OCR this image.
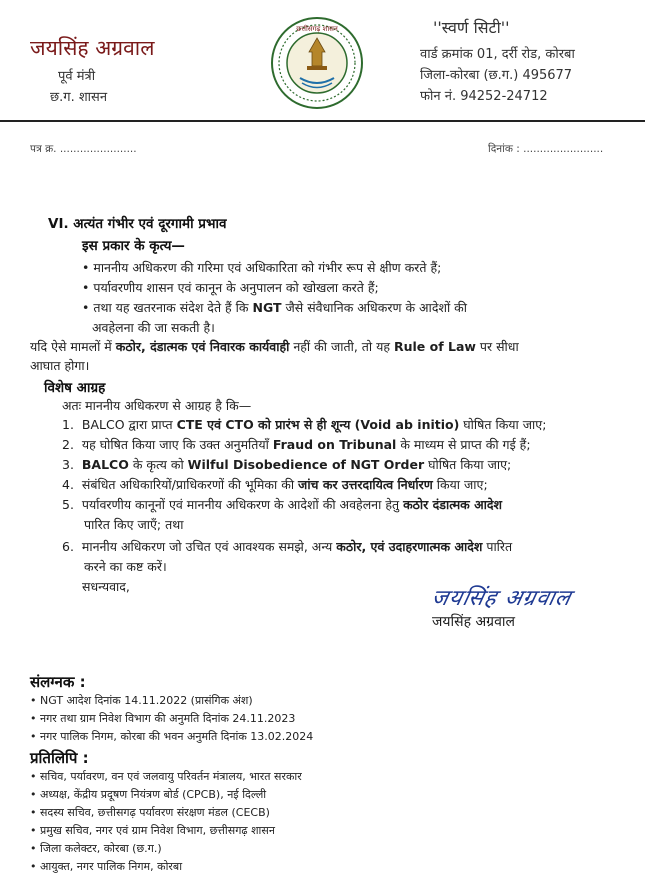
जयसिंह अग्रवाल
पूर्व मंत्री
छ.ग. शासन
छत्तीसगढ़ शासन	''स्वर्ण सिटी''
वार्ड क्रमांक 01, दर्री रोड, कोरबा
जिला-कोरबा (छ.ग.) 495677
फोन नं. 94252-24712
पत्र क्र. .......................	दिनांक : ........................
VI. अत्यंत गंभीर एवं दूरगामी प्रभाव
इस प्रकार के कृत्य—
• माननीय अधिकरण की गरिमा एवं अधिकारिता को गंभीर रूप से क्षीण करते हैं;
• पर्यावरणीय शासन एवं कानून के अनुपालन को खोखला करते हैं;
• तथा यह खतरनाक संदेश देते हैं कि NGT जैसे संवैधानिक अधिकरण के आदेशों की
अवहेलना की जा सकती है।
यदि ऐसे मामलों में कठोर, दंडात्मक एवं निवारक कार्यवाही नहीं की जाती, तो यह Rule of Law पर सीधा
आघात होगा।
विशेष आग्रह
अतः माननीय अधिकरण से आग्रह है कि—
1. BALCO द्वारा प्राप्त CTE एवं CTO को प्रारंभ से ही शून्य (Void ab initio) घोषित किया जाए;
2. यह घोषित किया जाए कि उक्त अनुमतियाँ Fraud on Tribunal के माध्यम से प्राप्त की गई हैं;
3. BALCO के कृत्य को Wilful Disobedience of NGT Order घोषित किया जाए;
4. संबंधित अधिकारियों/प्राधिकरणों की भूमिका की जांच कर उत्तरदायित्व निर्धारण किया जाए;
5. पर्यावरणीय कानूनों एवं माननीय अधिकरण के आदेशों की अवहेलना हेतु कठोर दंडात्मक आदेश
पारित किए जाएँ; तथा
6. माननीय अधिकरण जो उचित एवं आवश्यक समझे, अन्य कठोर, एवं उदाहरणात्मक आदेश पारित
करने का कष्ट करें।
सधन्यवाद,	जयसिंह अग्रवाल
जयसिंह अग्रवाल
संलग्नक :
• NGT आदेश दिनांक 14.11.2022 (प्रासंगिक अंश)
• नगर तथा ग्राम निवेश विभाग की अनुमति दिनांक 24.11.2023
• नगर पालिक निगम, कोरबा की भवन अनुमति दिनांक 13.02.2024
प्रतिलिपि :
• सचिव, पर्यावरण, वन एवं जलवायु परिवर्तन मंत्रालय, भारत सरकार
• अध्यक्ष, केंद्रीय प्रदूषण नियंत्रण बोर्ड (CPCB), नई दिल्ली
• सदस्य सचिव, छत्तीसगढ़ पर्यावरण संरक्षण मंडल (CECB)
• प्रमुख सचिव, नगर एवं ग्राम निवेश विभाग, छत्तीसगढ़ शासन
• जिला कलेक्टर, कोरबा (छ.ग.)
• आयुक्त, नगर पालिक निगम, कोरबा
